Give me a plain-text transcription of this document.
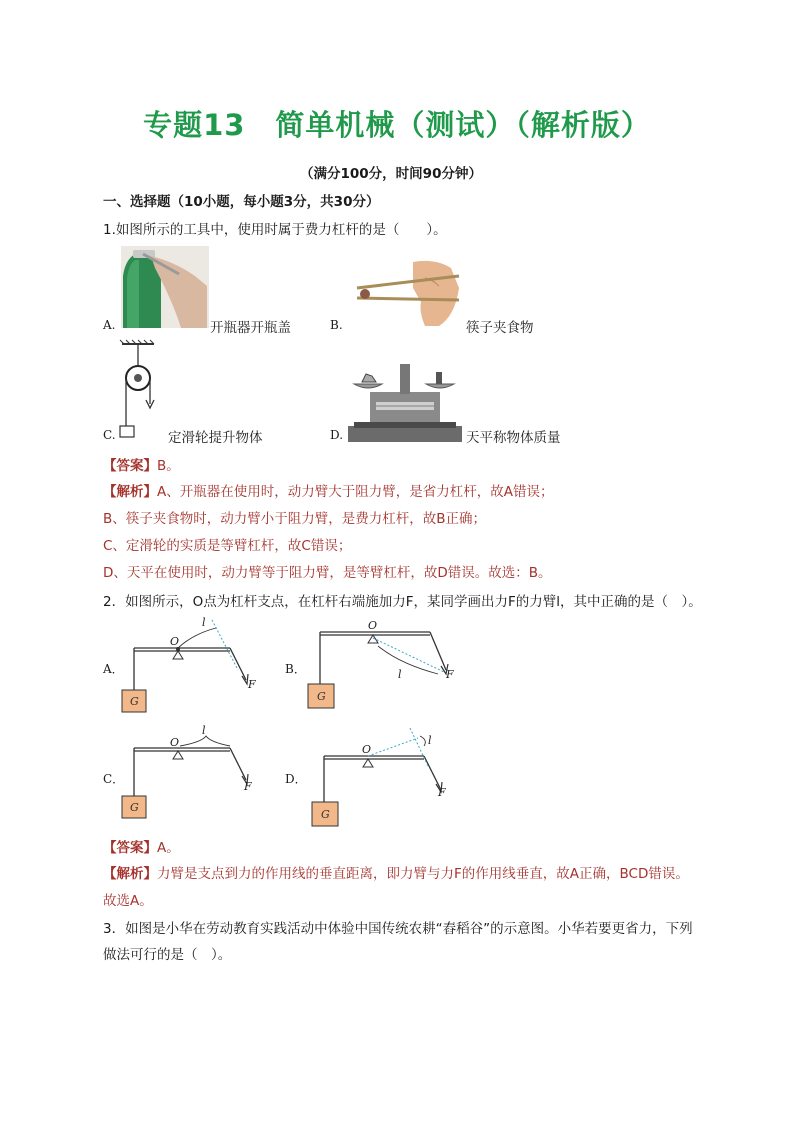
专题13　简单机械（测试）（解析版）
（满分100分，时间90分钟）
一、选择题（10小题，每小题3分，共30分）
1.如图所示的工具中，使用时属于费力杠杆的是（　　）。
A.	开瓶器开瓶盖	B.	筷子夹食物
C.	定滑轮提升物体	D.	天平称物体质量
【答案】B。
【解析】A、开瓶器在使用时，动力臂大于阻力臂，是省力杠杆，故A错误；
B、筷子夹食物时，动力臂小于阻力臂，是费力杠杆，故B正确；
C、定滑轮的实质是等臂杠杆，故C错误；
D、天平在使用时，动力臂等于阻力臂，是等臂杠杆，故D错误。故选：B。
2．如图所示，O点为杠杆支点，在杠杆右端施加力F，某同学画出力F的力臂l，其中正确的是（　）。
A．
O
F
l
G
B．
O
F
l
G
C．
O
F
l
G
D．
O
F
l
G
【答案】A。
【解析】力臂是支点到力的作用线的垂直距离，即力臂与力F的作用线垂直，故A正确，BCD错误。
故选A。
3．如图是小华在劳动教育实践活动中体验中国传统农耕“舂稻谷”的示意图。小华若要更省力，下列
做法可行的是（　）。
